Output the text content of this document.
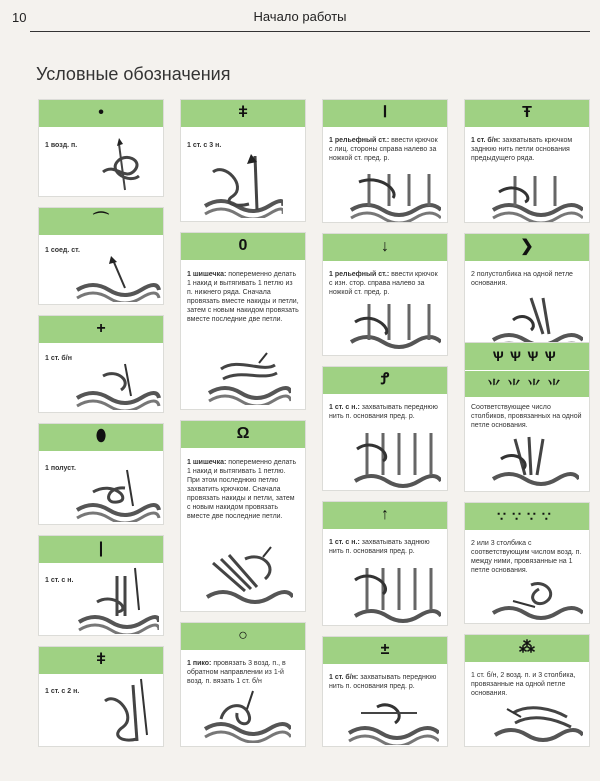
10	Начало работы
Условные обозначения
•
1 возд. п.
⌒
1 соед. ст.
+
1 ст. б/н
⬮
1 полуст.
|
1 ст. с н.
ǂ
1 ст. с 2 н.
ǂ
1 ст. с 3 н.
0
1 шишечка: попеременно делать 1 накид и вытягивать 1 петлю из п. нижнего ряда. Сначала провязать вместе накиды и петли, затем с новым накидом провязать вместе последние две петли.
Ω
1 шишечка: попеременно делать 1 накид и вытягивать 1 петлю. При этом последнюю петлю захватить крючком. Сначала провязать накиды и петли, затем с новым накидом провязать вместе две последние петли.
○
1 пико: провязать 3 возд. п., в обратном направлении из 1-й возд. п. вязать 1 ст. б/н
Ⅰ
1 рельефный ст.: ввести крючок с лиц. стороны справа налево за ножкой ст. пред. р.
↓
1 рельефный ст.: ввести крючок с изн. стор. справа налево за ножкой ст. пред. р.
Ꝭ
1 ст. с н.: захватывать переднюю нить п. основания пред. р.
↑
1 ст. с н.: захватывать заднюю нить п. основания пред. р.
±
1 ст. б/н: захватывать переднюю нить п. основания пред. р.
Ŧ
1 ст. б/н: захватывать крючком заднюю нить петли основания предыдущего ряда.
❯
2 полустолбика на одной петле основания.
ѰѰѰѰ
⺌⺌⺌⺌
Соответствующее число столбиков, провязанных на одной петле основания.
∵∵∵∵
2 или 3 столбика с соответствующим числом возд. п. между ними, провязанные на 1 петле основания.
⁂
1 ст. б/н, 2 возд. п. и 3 столбика, провязанные на одной петле основания.
